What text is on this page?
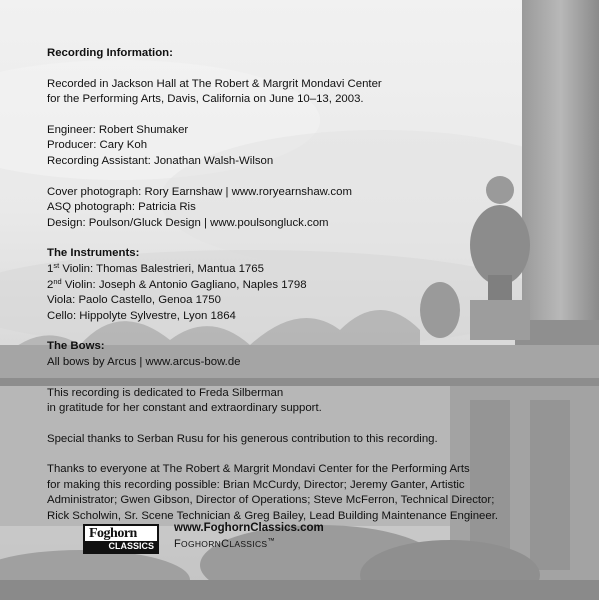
Recording Information:
Recorded in Jackson Hall at The Robert & Margrit Mondavi Center
for the Performing Arts, Davis, California on June 10–13, 2003.
Engineer: Robert Shumaker
Producer: Cary Koh
Recording Assistant: Jonathan Walsh-Wilson
Cover photograph: Rory Earnshaw | www.roryearnshaw.com
ASQ photograph: Patricia Ris
Design: Poulson/Gluck Design | www.poulsongluck.com
The Instruments:
1st Violin: Thomas Balestrieri, Mantua 1765
2nd Violin: Joseph & Antonio Gagliano, Naples 1798
Viola: Paolo Castello, Genoa 1750
Cello: Hippolyte Sylvestre, Lyon 1864
The Bows:
All bows by Arcus | www.arcus-bow.de
This recording is dedicated to Freda Silberman
in gratitude for her constant and extraordinary support.
Special thanks to Serban Rusu for his generous contribution to this recording.
Thanks to everyone at The Robert & Margrit Mondavi Center for the Performing Arts
for making this recording possible: Brian McCurdy, Director; Jeremy Ganter, Artistic
Administrator; Gwen Gibson, Director of Operations; Steve McFerron, Technical Director;
Rick Scholwin, Sr. Scene Technician & Greg Bailey, Lead Building Maintenance Engineer.
Foghorn
CLASSICS
www.FoghornClassics.com
FOGHORNCLASSICS™
